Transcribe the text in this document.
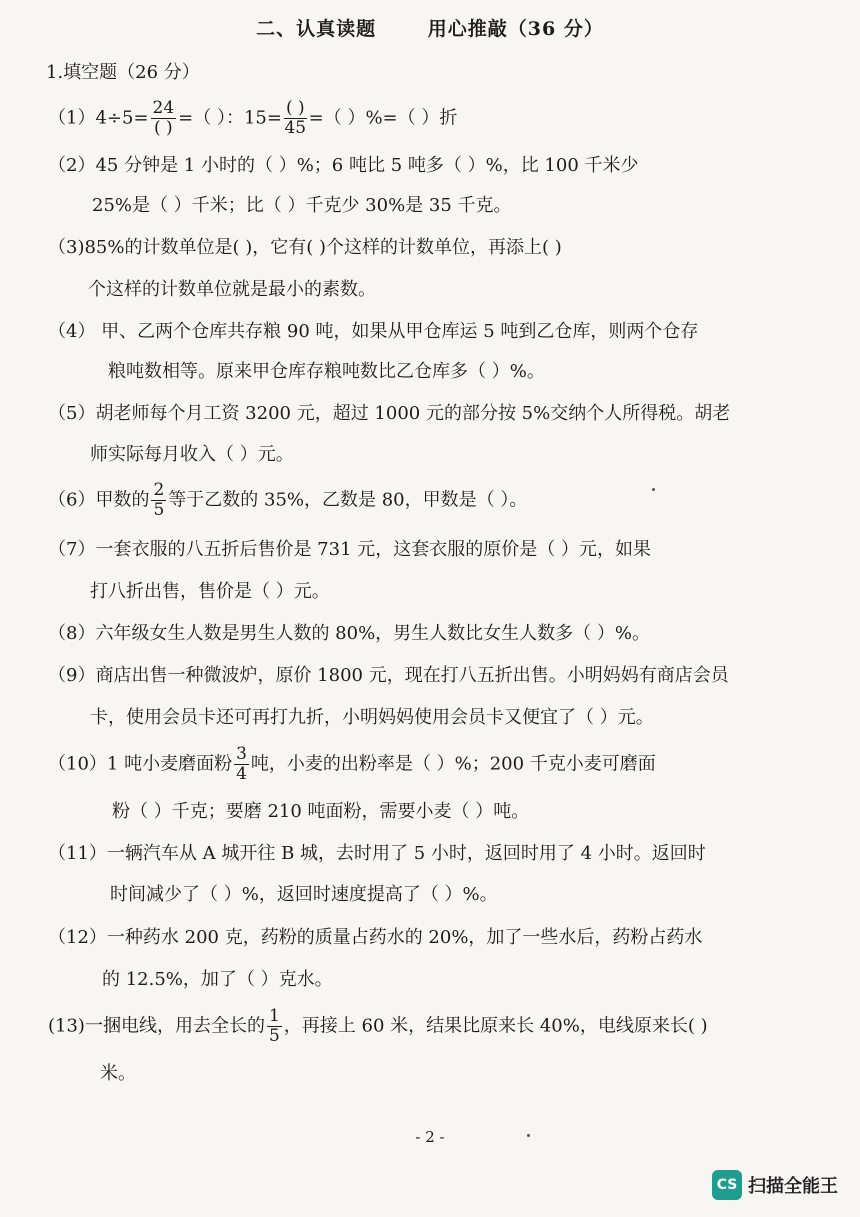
二、认真读题	用心推敲（36 分）
1.填空题（26 分）
$(1)4\div 5= \frac{24}{( )}$ =（ ）：$15= \frac{( )}{45}$ =（ ）%=（ ）折
（2）45 分钟是 1 小时的（ ）%；6 吨比 5 吨多（ ）%，比 100 千米少
25%是（ ）千米；比（ ）千克少 30%是 35 千克。
（3)85%的计数单位是( )，它有( )个这样的计数单位，再添上( )
个这样的计数单位就是最小的素数。
（4） 甲、乙两个仓库共存粮 90 吨，如果从甲仓库运 5 吨到乙仓库，则两个仓存
粮吨数相等。原来甲仓库存粮吨数比乙仓库多（ ）%。
（5）胡老师每个月工资 3200 元，超过 1000 元的部分按 5%交纳个人所得税。胡老
师实际每月收入（ ）元。
（6）甲数的 $\frac{2}{5}$ 等于乙数的 35%，乙数是 80，甲数是（ ）。
（7）一套衣服的八五折后售价是 731 元，这套衣服的原价是（ ）元，如果
打八折出售，售价是（ ）元。
（8）六年级女生人数是男生人数的 80%，男生人数比女生人数多（ ）%。
（9）商店出售一种微波炉，原价 1800 元，现在打八五折出售。小明妈妈有商店会员
卡，使用会员卡还可再打九折，小明妈妈使用会员卡又便宜了（ ）元。
（10）1 吨小麦磨面粉 $\frac{3}{4}$ 吨，小麦的出粉率是（ ）%；200 千克小麦可磨面
粉（ ）千克；要磨 210 吨面粉，需要小麦（ ）吨。
（11）一辆汽车从 A 城开往 B 城，去时用了 5 小时，返回时用了 4 小时。返回时
时间减少了（ ）%，返回时速度提高了（ ）%。
（12）一种药水 200 克，药粉的质量占药水的 20%，加了一些水后，药粉占药水
的 12.5%，加了（ ）克水。
(13)一捆电线，用去全长的 $\frac{1}{5}$ ，再接上 60 米，结果比原来长 40%，电线原来长( )
米。
- 2 -
CS 扫描全能王
